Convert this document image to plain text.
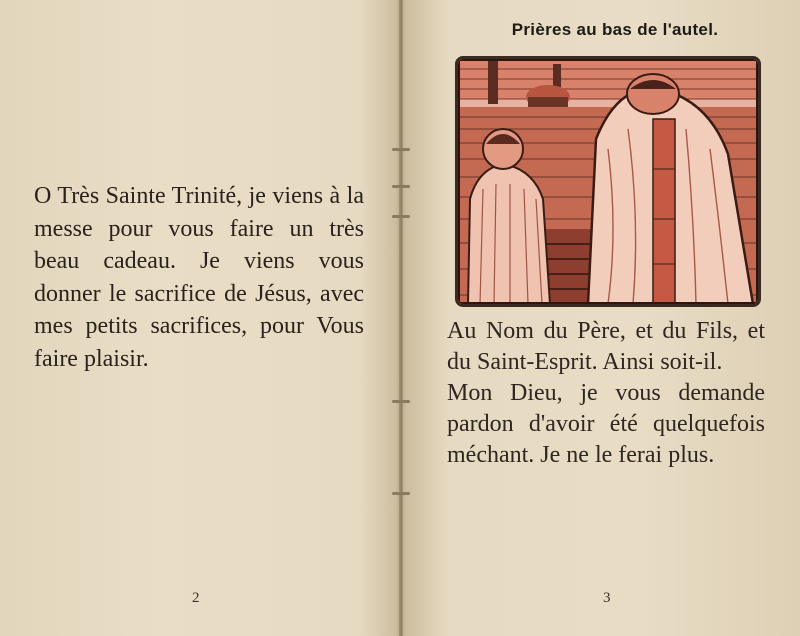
O Très Sainte Trinité, je viens à la messe pour vous faire un très beau cadeau. Je viens vous donner le sacrifice de Jésus, avec mes petits sacrifices, pour Vous faire plaisir.
2
Prières au bas de l'autel.

Au Nom du Père, et du Fils, et du Saint-Esprit. Ainsi soit-il.

Mon Dieu, je vous demande pardon d'avoir été quelquefois méchant. Je ne le ferai plus.

3
